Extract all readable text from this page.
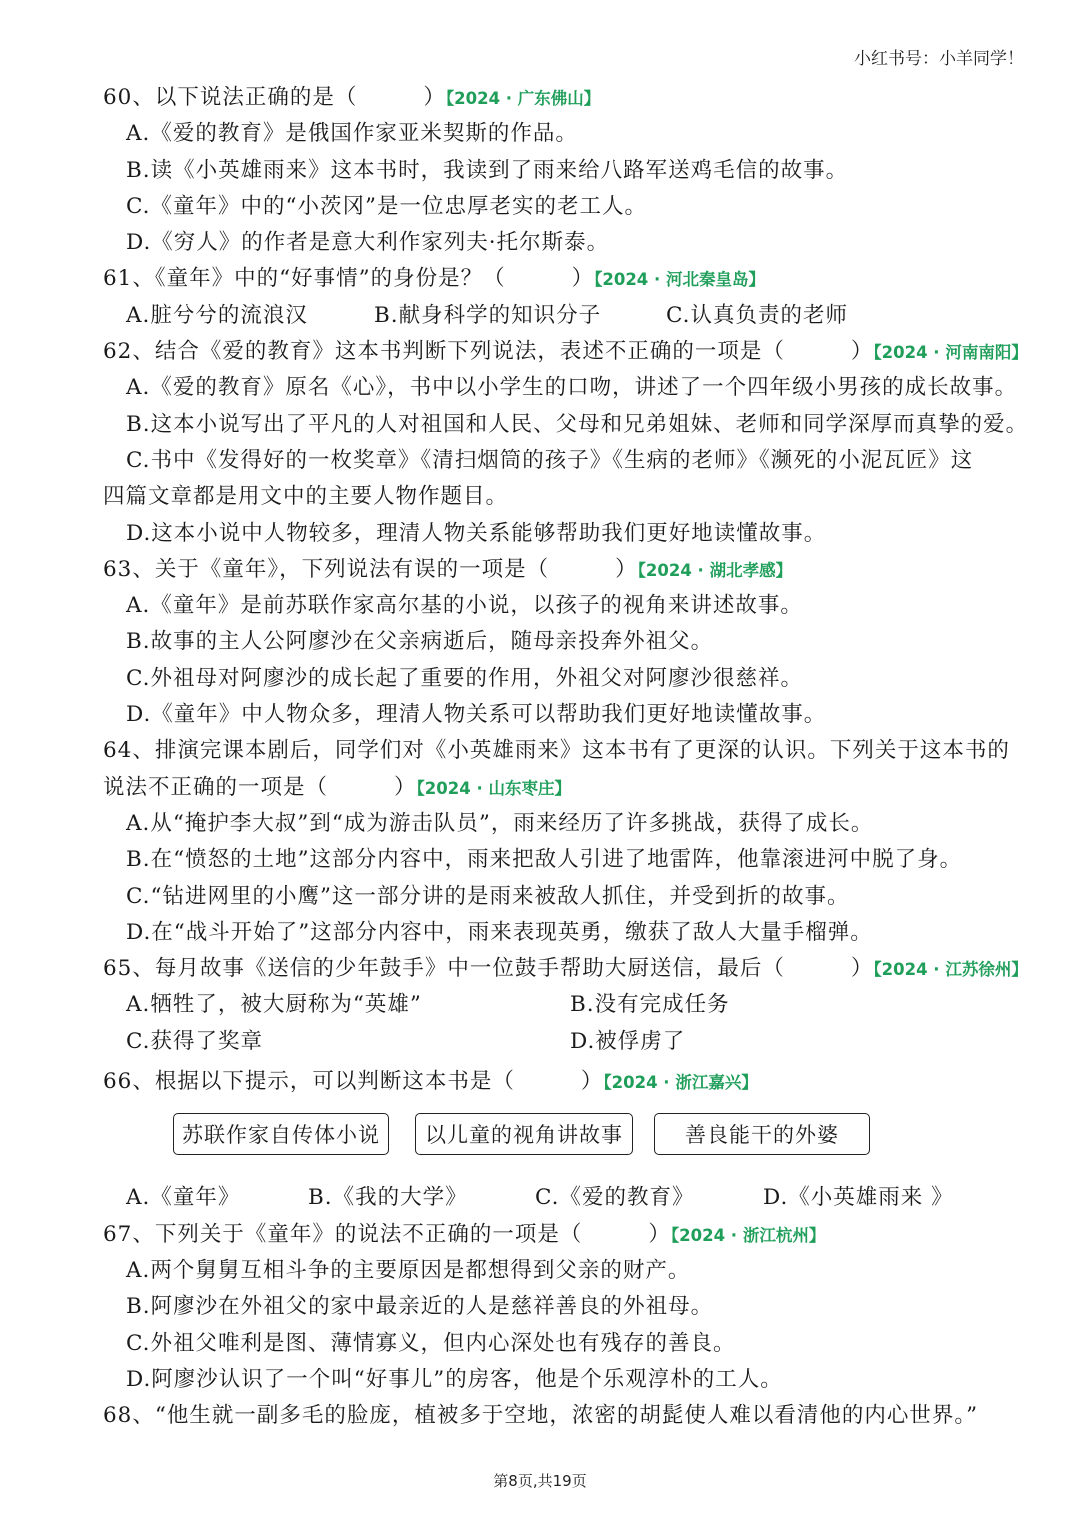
小红书号：小羊同学！
60、以下说法正确的是（	）【2024 · 广东佛山】
A.《爱的教育》是俄国作家亚米契斯的作品。
B.读《小英雄雨来》这本书时，我读到了雨来给八路军送鸡毛信的故事。
C.《童年》中的“小茨冈”是一位忠厚老实的老工人。
D.《穷人》的作者是意大利作家列夫·托尔斯泰。
61、《童年》中的“好事情”的身份是？（	）【2024 · 河北秦皇岛】
A.脏兮兮的流浪汉	B.献身科学的知识分子	C.认真负责的老师
62、结合《爱的教育》这本书判断下列说法，表述不正确的一项是（	）【2024 · 河南南阳】
A.《爱的教育》原名《心》，书中以小学生的口吻，讲述了一个四年级小男孩的成长故事。
B.这本小说写出了平凡的人对祖国和人民、父母和兄弟姐妹、老师和同学深厚而真挚的爱。
C.书中《发得好的一枚奖章》《清扫烟筒的孩子》《生病的老师》《濒死的小泥瓦匠》这
四篇文章都是用文中的主要人物作题目。
D.这本小说中人物较多，理清人物关系能够帮助我们更好地读懂故事。
63、关于《童年》，下列说法有误的一项是（	）【2024 · 湖北孝感】
A.《童年》是前苏联作家高尔基的小说，以孩子的视角来讲述故事。
B.故事的主人公阿廖沙在父亲病逝后，随母亲投奔外祖父。
C.外祖母对阿廖沙的成长起了重要的作用，外祖父对阿廖沙很慈祥。
D.《童年》中人物众多，理清人物关系可以帮助我们更好地读懂故事。
64、排演完课本剧后，同学们对《小英雄雨来》这本书有了更深的认识。下列关于这本书的
说法不正确的一项是（	）【2024 · 山东枣庄】
A.从“掩护李大叔”到“成为游击队员”，雨来经历了许多挑战，获得了成长。
B.在“愤怒的土地”这部分内容中，雨来把敌人引进了地雷阵，他靠滚进河中脱了身。
C.“钻进网里的小鹰”这一部分讲的是雨来被敌人抓住，并受到折的故事。
D.在“战斗开始了”这部分内容中，雨来表现英勇，缴获了敌人大量手榴弹。
65、每月故事《送信的少年鼓手》中一位鼓手帮助大厨送信，最后（	）【2024 · 江苏徐州】
A.牺牲了，被大厨称为“英雄”	B.没有完成任务
C.获得了奖章	D.被俘虏了
66、根据以下提示，可以判断这本书是（	）【2024 · 浙江嘉兴】
苏联作家自传体小说	以儿童的视角讲故事	善良能干的外婆
A.《童年》	B.《我的大学》	C.《爱的教育》	D.《小英雄雨来 》
67、下列关于《童年》的说法不正确的一项是（	）【2024 · 浙江杭州】
A.两个舅舅互相斗争的主要原因是都想得到父亲的财产。
B.阿廖沙在外祖父的家中最亲近的人是慈祥善良的外祖母。
C.外祖父唯利是图、薄情寡义，但内心深处也有残存的善良。
D.阿廖沙认识了一个叫“好事儿”的房客，他是个乐观淳朴的工人。
68、“他生就一副多毛的脸庞，植被多于空地，浓密的胡髭使人难以看清他的内心世界。”
第8页,共19页
